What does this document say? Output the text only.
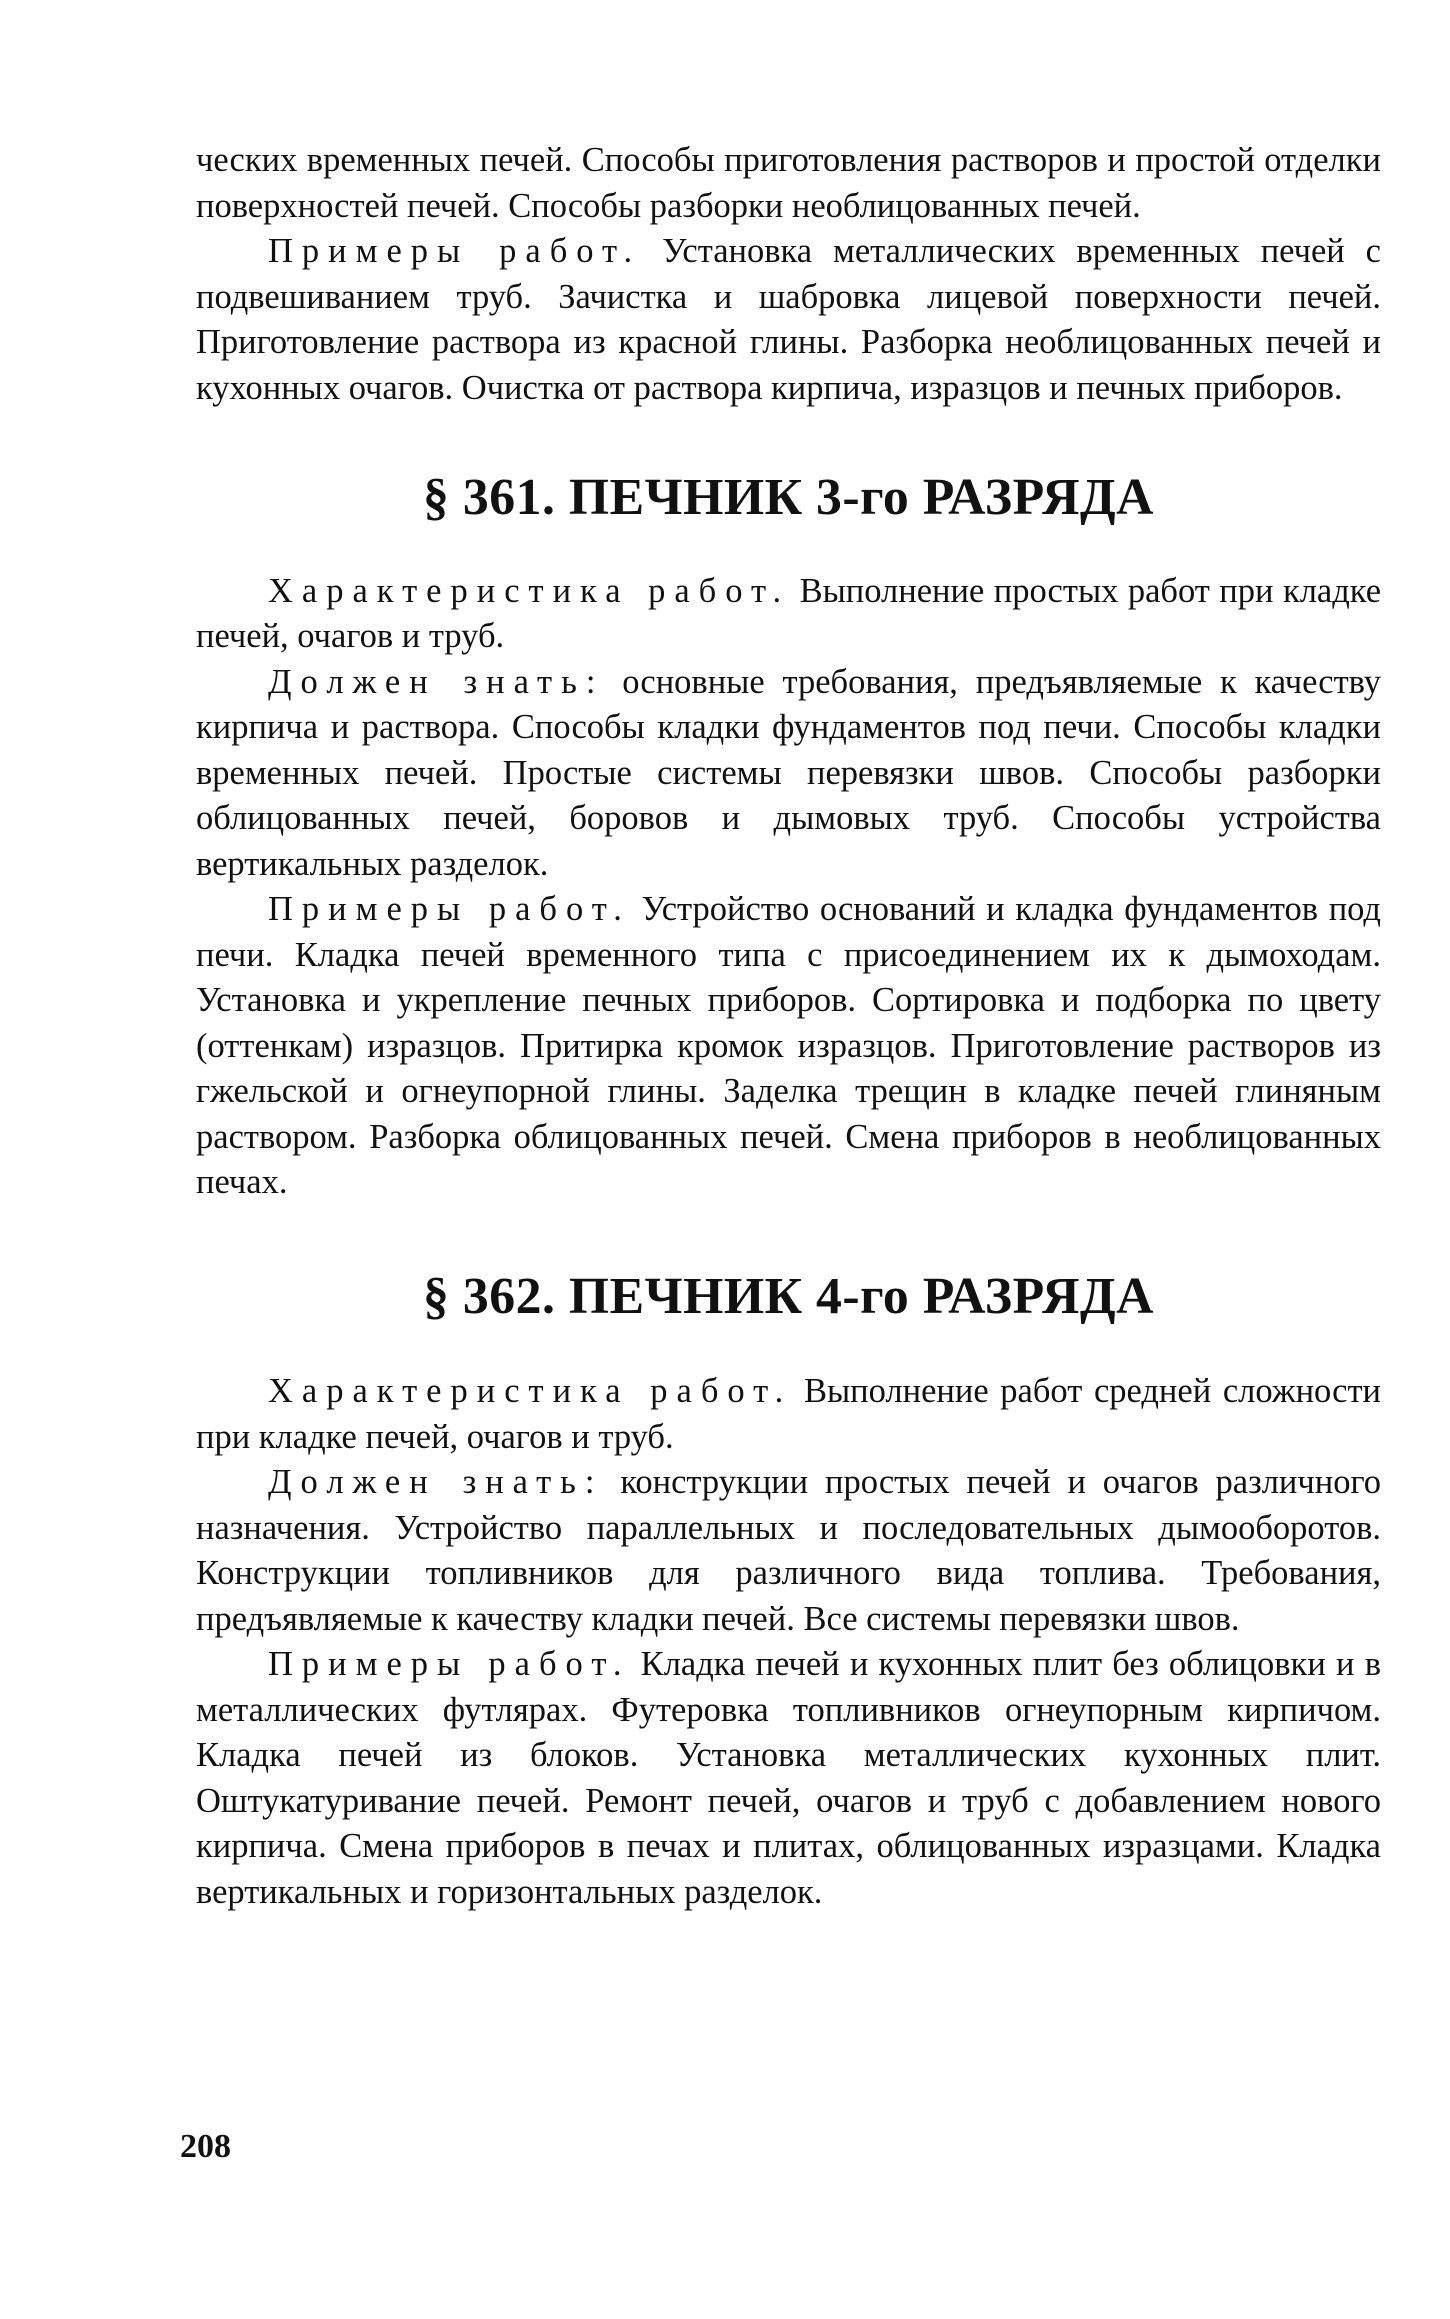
ческих временных печей. Способы приготовления растворов и простой отделки поверхностей печей. Способы разборки необлицованных печей.

Примеры работ. Установка металлических временных печей с подвешиванием труб. Зачистка и шабровка лицевой поверхности печей. Приготовление раствора из красной глины. Разборка необлицованных печей и кухонных очагов. Очистка от раствора кирпича, изразцов и печных приборов.

§ 361. ПЕЧНИК 3-го РАЗРЯДА

Характеристика работ. Выполнение простых работ при кладке печей, очагов и труб.

Должен знать: основные требования, предъявляемые к качеству кирпича и раствора. Способы кладки фундаментов под печи. Способы кладки временных печей. Простые системы перевязки швов. Способы разборки облицованных печей, боровов и дымовых труб. Способы устройства вертикальных разделок.

Примеры работ. Устройство оснований и кладка фундаментов под печи. Кладка печей временного типа с присоединением их к дымоходам. Установка и укрепление печных приборов. Сортировка и подборка по цвету (оттенкам) изразцов. Притирка кромок изразцов. Приготовление растворов из гжельской и огнеупорной глины. Заделка трещин в кладке печей глиняным раствором. Разборка облицованных печей. Смена приборов в необлицованных печах.

§ 362. ПЕЧНИК 4-го РАЗРЯДА

Характеристика работ. Выполнение работ средней сложности при кладке печей, очагов и труб.

Должен знать: конструкции простых печей и очагов различного назначения. Устройство параллельных и последовательных дымооборотов. Конструкции топливников для различного вида топлива. Требования, предъявляемые к качеству кладки печей. Все системы перевязки швов.

Примеры работ. Кладка печей и кухонных плит без облицовки и в металлических футлярах. Футеровка топливников огнеупорным кирпичом. Кладка печей из блоков. Установка металлических кухонных плит. Оштукатуривание печей. Ремонт печей, очагов и труб с добавлением нового кирпича. Смена приборов в печах и плитах, облицованных изразцами. Кладка вертикальных и горизонтальных разделок.

208
